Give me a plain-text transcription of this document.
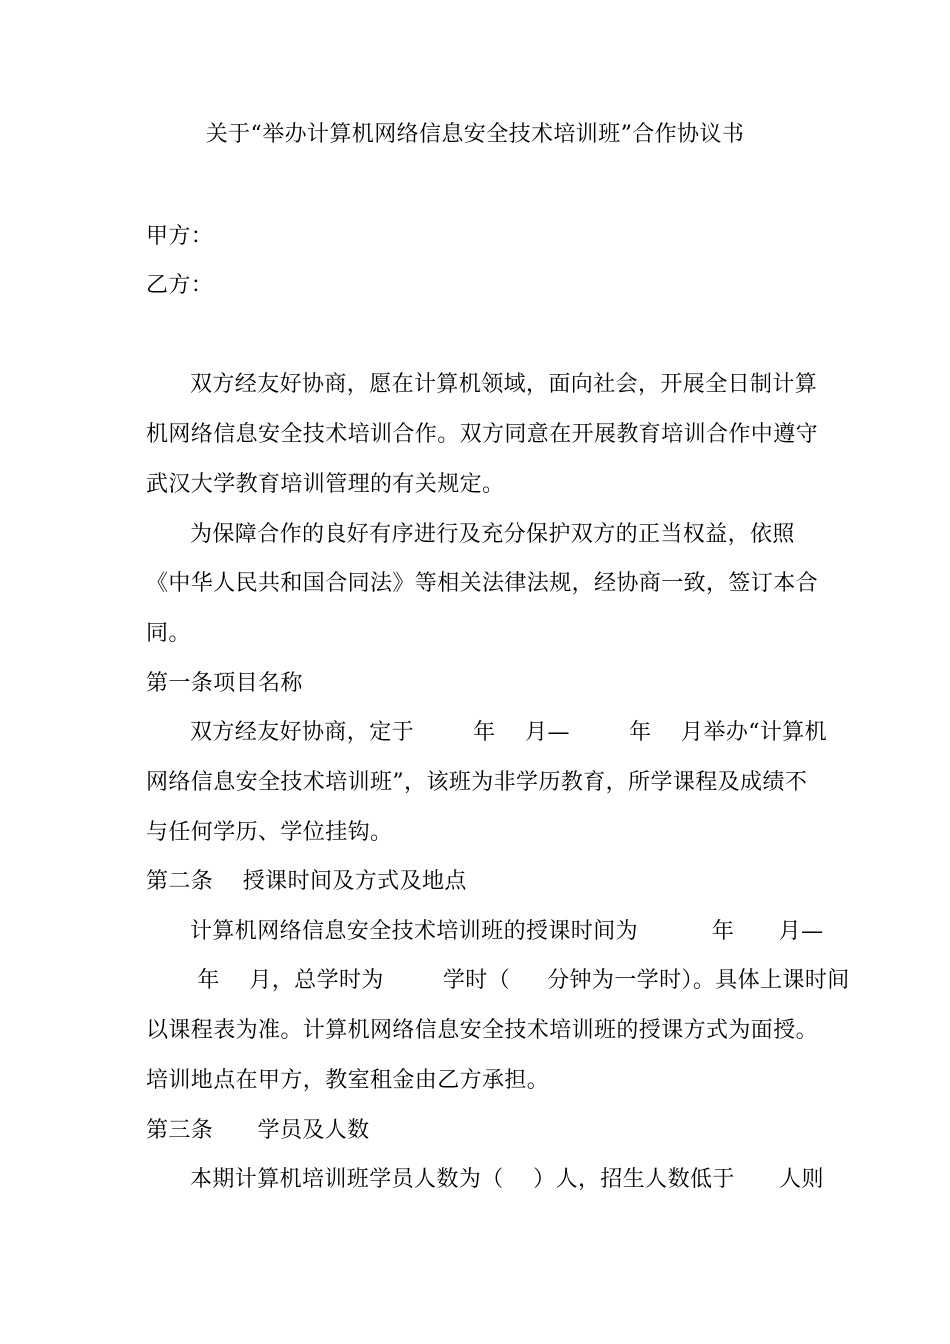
关于“举办计算机网络信息安全技术培训班”合作协议书
甲方：
乙方：
双方经友好协商，愿在计算机领域，面向社会，开展全日制计算
机网络信息安全技术培训合作。双方同意在开展教育培训合作中遵守
武汉大学教育培训管理的有关规定。
为保障合作的良好有序进行及充分保护双方的正当权益，依照
《中华人民共和国合同法》等相关法律法规，经协商一致，签订本合
同。
第一条项目名称
双方经友好协商，定于        年    月—        年    月举办“计算机
网络信息安全技术培训班”，该班为非学历教育，所学课程及成绩不
与任何学历、学位挂钩。
第二条    授课时间及方式及地点
计算机网络信息安全技术培训班的授课时间为          年      月—
年    月，总学时为        学时（     分钟为一学时）。具体上课时间
以课程表为准。计算机网络信息安全技术培训班的授课方式为面授。
培训地点在甲方，教室租金由乙方承担。
第三条      学员及人数
本期计算机培训班学员人数为（    ）人，招生人数低于      人则
